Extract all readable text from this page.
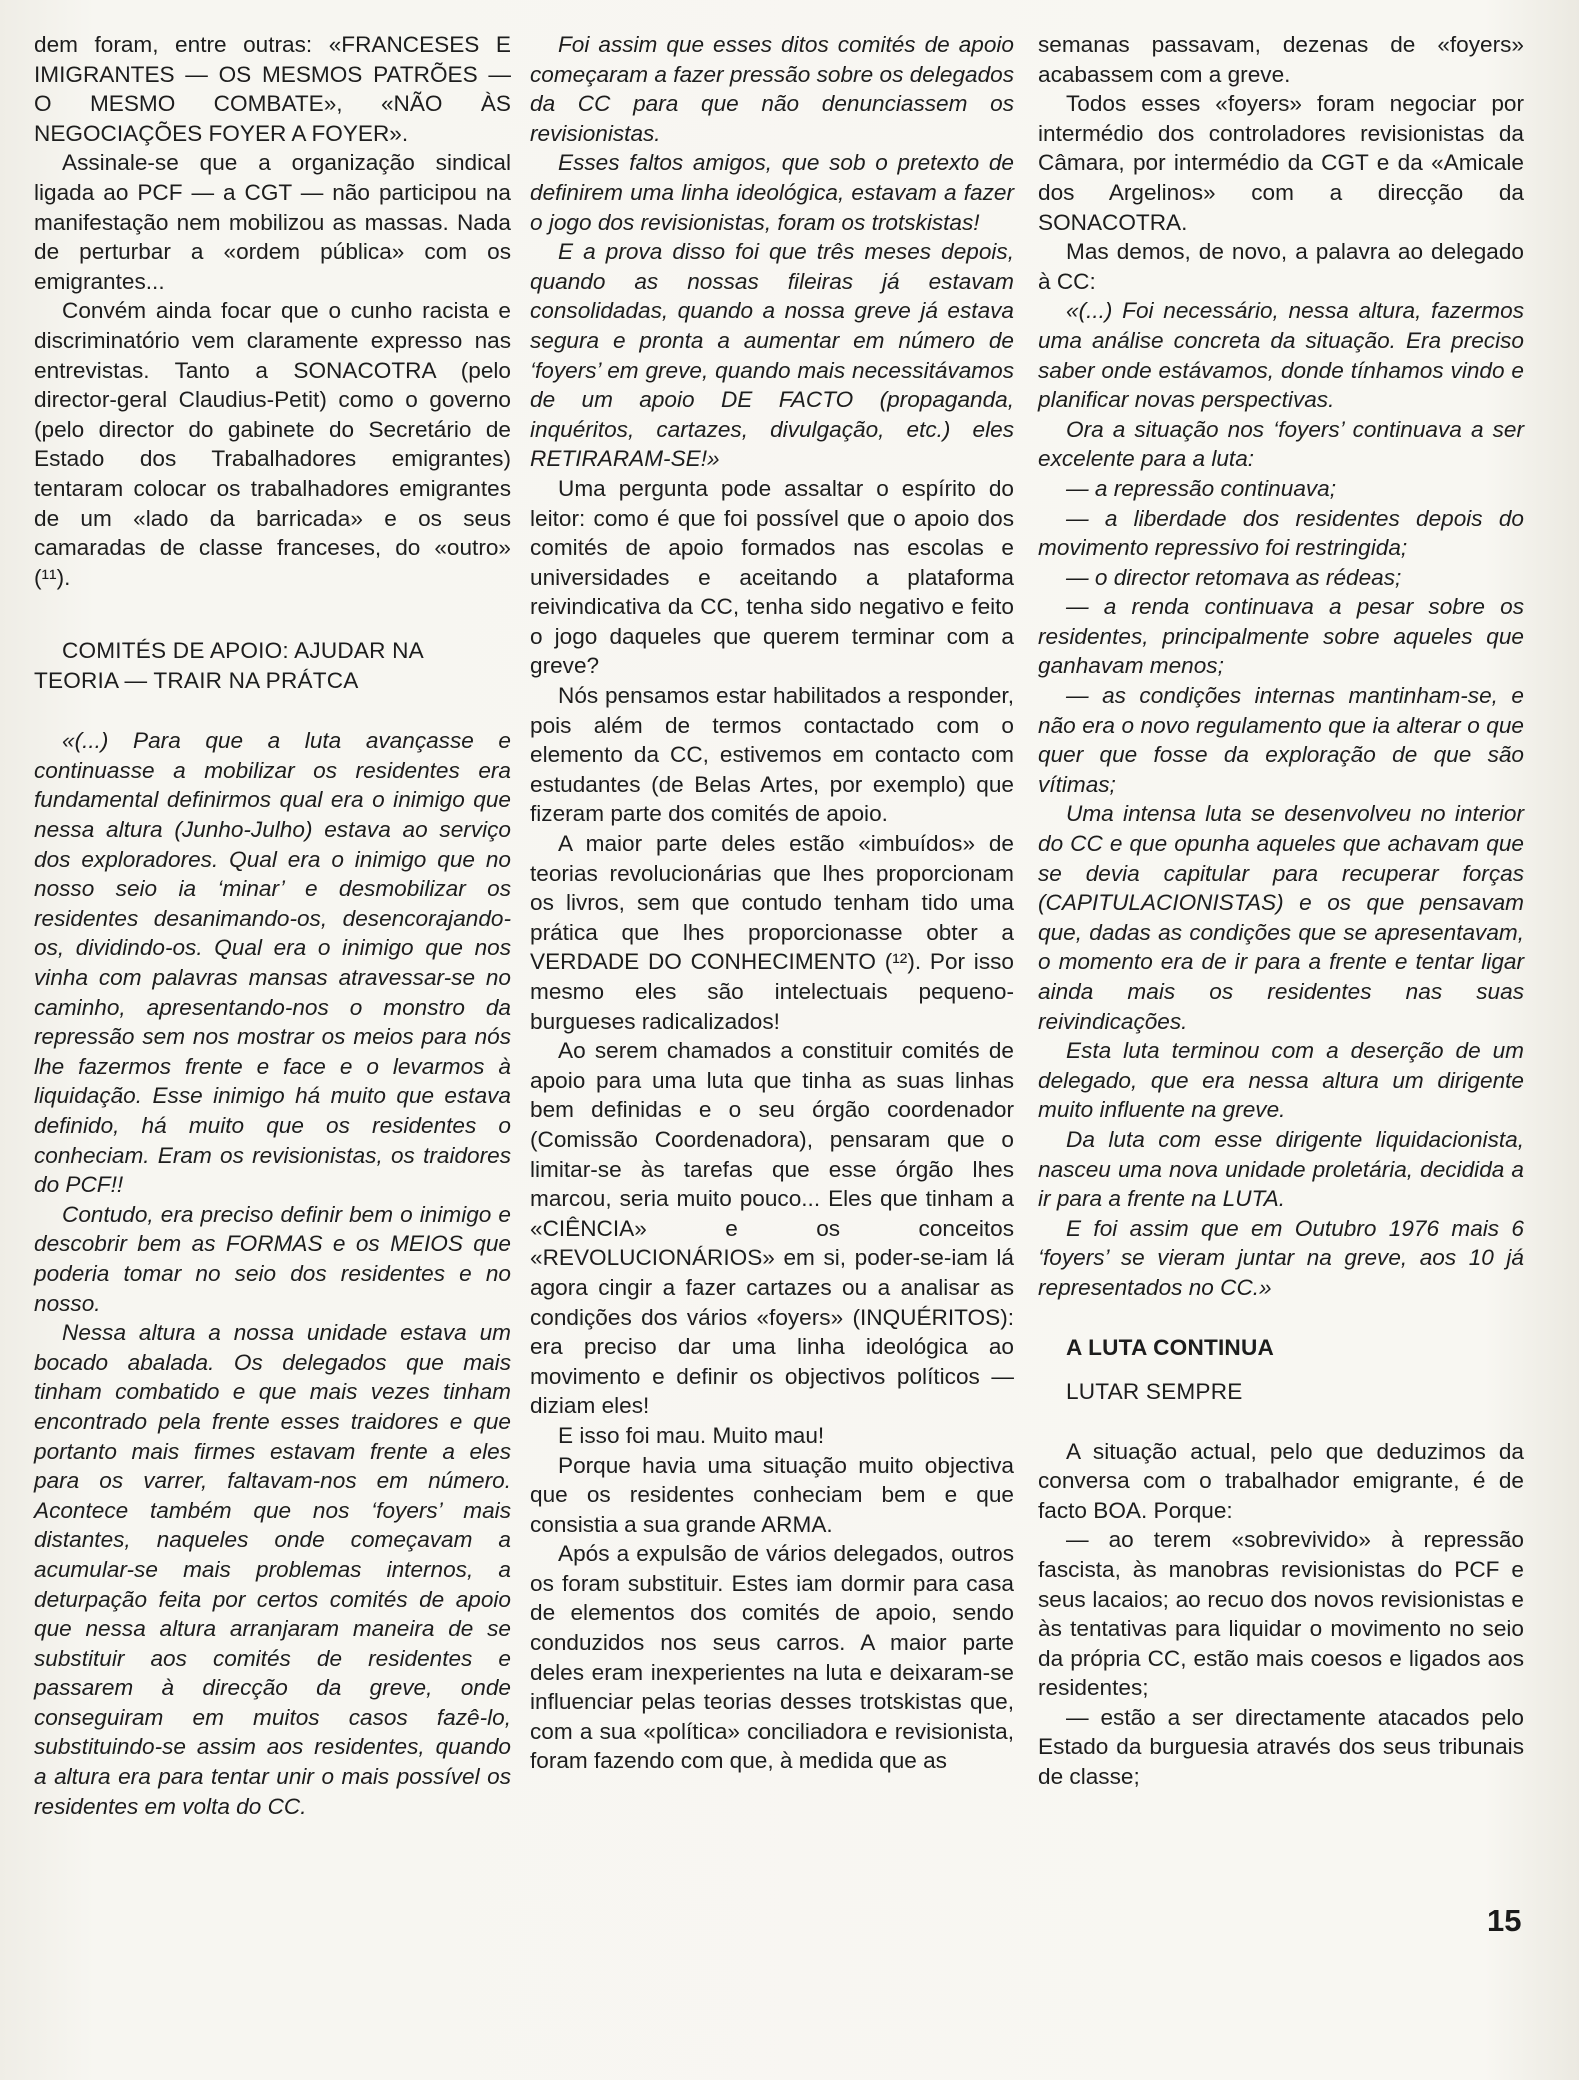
dem foram, entre outras: «FRANCESES E IMIGRANTES — OS MESMOS PATRÕES — O MESMO COMBATE», «NÃO ÀS NEGOCIAÇÕES FOYER A FOYER».

Assinale-se que a organização sindical ligada ao PCF — a CGT — não participou na manifestação nem mobilizou as massas. Nada de perturbar a «ordem pública» com os emigrantes...

Convém ainda focar que o cunho racista e discriminatório vem claramente expresso nas entrevistas. Tanto a SONACOTRA (pelo director-geral Claudius-Petit) como o governo (pelo director do gabinete do Secretário de Estado dos Trabalhadores emigrantes) tentaram colocar os trabalhadores emigrantes de um «lado da barricada» e os seus camaradas de classe franceses, do «outro» (¹¹).

COMITÉS DE APOIO: AJUDAR NA TEORIA — TRAIR NA PRÁTCA

«(...) Para que a luta avançasse e continuasse a mobilizar os residentes era fundamental definirmos qual era o inimigo que nessa altura (Junho-Julho) estava ao serviço dos exploradores. Qual era o inimigo que no nosso seio ia ‘minar’ e desmobilizar os residentes desanimando-os, desencorajando-os, dividindo-os. Qual era o inimigo que nos vinha com palavras mansas atravessar-se no caminho, apresentando-nos o monstro da repressão sem nos mostrar os meios para nós lhe fazermos frente e face e o levarmos à liquidação. Esse inimigo há muito que estava definido, há muito que os residentes o conheciam. Eram os revisionistas, os traidores do PCF!!

Contudo, era preciso definir bem o inimigo e descobrir bem as FORMAS e os MEIOS que poderia tomar no seio dos residentes e no nosso.

Nessa altura a nossa unidade estava um bocado abalada. Os delegados que mais tinham combatido e que mais vezes tinham encontrado pela frente esses traidores e que portanto mais firmes estavam frente a eles para os varrer, faltavam-nos em número. Acontece também que nos ‘foyers’ mais distantes, naqueles onde começavam a acumular-se mais problemas internos, a deturpação feita por certos comités de apoio que nessa altura arranjaram maneira de se substituir aos comités de residentes e passarem à direcção da greve, onde conseguiram em muitos casos fazê-lo, substituindo-se assim aos residentes, quando a altura era para tentar unir o mais possível os residentes em volta do CC.

Foi assim que esses ditos comités de apoio começaram a fazer pressão sobre os delegados da CC para que não denunciassem os revisionistas.

Esses faltos amigos, que sob o pretexto de definirem uma linha ideológica, estavam a fazer o jogo dos revisionistas, foram os trotskistas!

E a prova disso foi que três meses depois, quando as nossas fileiras já estavam consolidadas, quando a nossa greve já estava segura e pronta a aumentar em número de ‘foyers’ em greve, quando mais necessitávamos de um apoio DE FACTO (propaganda, inquéritos, cartazes, divulgação, etc.) eles RETIRARAM-SE!»

Uma pergunta pode assaltar o espírito do leitor: como é que foi possível que o apoio dos comités de apoio formados nas escolas e universidades e aceitando a plataforma reivindicativa da CC, tenha sido negativo e feito o jogo daqueles que querem terminar com a greve?

Nós pensamos estar habilitados a responder, pois além de termos contactado com o elemento da CC, estivemos em contacto com estudantes (de Belas Artes, por exemplo) que fizeram parte dos comités de apoio.

A maior parte deles estão «imbuídos» de teorias revolucionárias que lhes proporcionam os livros, sem que contudo tenham tido uma prática que lhes proporcionasse obter a VERDADE DO CONHECIMENTO (¹²). Por isso mesmo eles são intelectuais pequeno-burgueses radicalizados!

Ao serem chamados a constituir comités de apoio para uma luta que tinha as suas linhas bem definidas e o seu órgão coordenador (Comissão Coordenadora), pensaram que o limitar-se às tarefas que esse órgão lhes marcou, seria muito pouco... Eles que tinham a «CIÊNCIA» e os conceitos «REVOLUCIONÁRIOS» em si, poder-se-iam lá agora cingir a fazer cartazes ou a analisar as condições dos vários «foyers» (INQUÉRITOS): era preciso dar uma linha ideológica ao movimento e definir os objectivos políticos — diziam eles!

E isso foi mau. Muito mau!

Porque havia uma situação muito objectiva que os residentes conheciam bem e que consistia a sua grande ARMA.

Após a expulsão de vários delegados, outros os foram substituir. Estes iam dormir para casa de elementos dos comités de apoio, sendo conduzidos nos seus carros. A maior parte deles eram inexperientes na luta e deixaram-se influenciar pelas teorias desses trotskistas que, com a sua «política» conciliadora e revisionista, foram fazendo com que, à medida que as

semanas passavam, dezenas de «foyers» acabassem com a greve.

Todos esses «foyers» foram negociar por intermédio dos controladores revisionistas da Câmara, por intermédio da CGT e da «Amicale dos Argelinos» com a direcção da SONACOTRA.

Mas demos, de novo, a palavra ao delegado à CC:

«(...) Foi necessário, nessa altura, fazermos uma análise concreta da situação. Era preciso saber onde estávamos, donde tínhamos vindo e planificar novas perspectivas.

Ora a situação nos ‘foyers’ continuava a ser excelente para a luta:

— a repressão continuava;

— a liberdade dos residentes depois do movimento repressivo foi restringida;

— o director retomava as rédeas;

— a renda continuava a pesar sobre os residentes, principalmente sobre aqueles que ganhavam menos;

— as condições internas mantinham-se, e não era o novo regulamento que ia alterar o que quer que fosse da exploração de que são vítimas;

Uma intensa luta se desenvolveu no interior do CC e que opunha aqueles que achavam que se devia capitular para recuperar forças (CAPITULACIONISTAS) e os que pensavam que, dadas as condições que se apresentavam, o momento era de ir para a frente e tentar ligar ainda mais os residentes nas suas reivindicações.

Esta luta terminou com a deserção de um delegado, que era nessa altura um dirigente muito influente na greve.

Da luta com esse dirigente liquidacionista, nasceu uma nova unidade proletária, decidida a ir para a frente na LUTA.

E foi assim que em Outubro 1976 mais 6 ‘foyers’ se vieram juntar na greve, aos 10 já representados no CC.»

A LUTA CONTINUA

LUTAR SEMPRE

A situação actual, pelo que deduzimos da conversa com o trabalhador emigrante, é de facto BOA. Porque:

— ao terem «sobrevivido» à repressão fascista, às manobras revisionistas do PCF e seus lacaios; ao recuo dos novos revisionistas e às tentativas para liquidar o movimento no seio da própria CC, estão mais coesos e ligados aos residentes;

— estão a ser directamente atacados pelo Estado da burguesia através dos seus tribunais de classe;

15
